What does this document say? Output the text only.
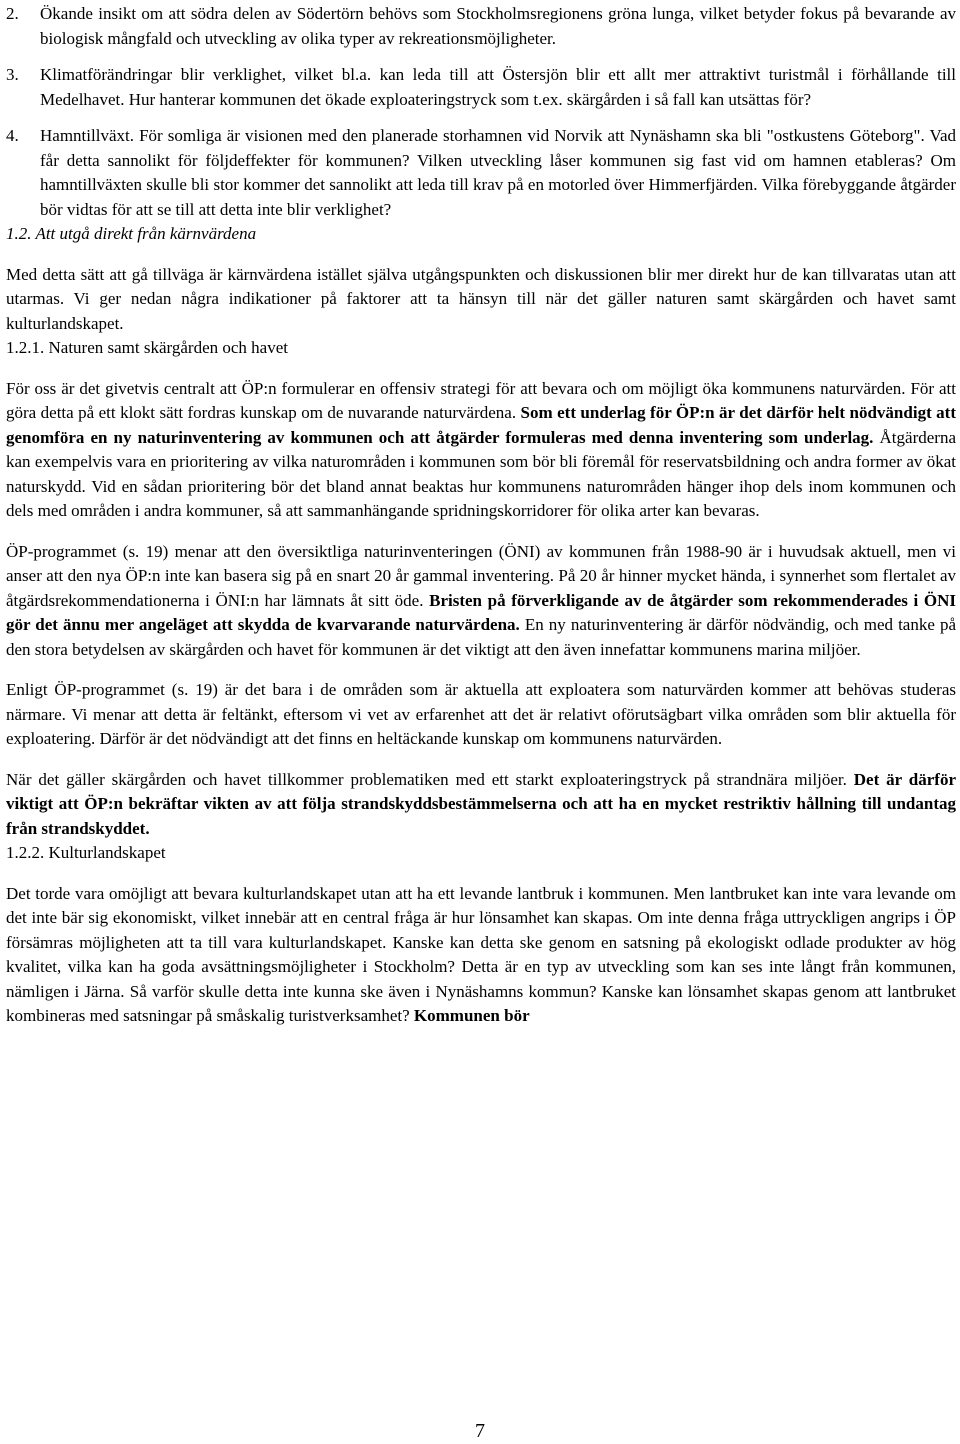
2. Ökande insikt om att södra delen av Södertörn behövs som Stockholmsregionens gröna lunga, vilket betyder fokus på bevarande av biologisk mångfald och utveckling av olika typer av rekreationsmöjligheter.
3. Klimatförändringar blir verklighet, vilket bl.a. kan leda till att Östersjön blir ett allt mer attraktivt turistmål i förhållande till Medelhavet. Hur hanterar kommunen det ökade exploateringstryck som t.ex. skärgården i så fall kan utsättas för?
4. Hamntillväxt. För somliga är visionen med den planerade storhamnen vid Norvik att Nynäshamn ska bli "ostkustens Göteborg". Vad får detta sannolikt för följdeffekter för kommunen? Vilken utveckling låser kommunen sig fast vid om hamnen etableras? Om hamntillväxten skulle bli stor kommer det sannolikt att leda till krav på en motorled över Himmerfjärden. Vilka förebyggande åtgärder bör vidtas för att se till att detta inte blir verklighet?

1.2. Att utgå direkt från kärnvärdena

Med detta sätt att gå tillväga är kärnvärdena istället själva utgångspunkten och diskussionen blir mer direkt hur de kan tillvaratas utan att utarmas. Vi ger nedan några indikationer på faktorer att ta hänsyn till när det gäller naturen samt skärgården och havet samt kulturlandskapet.

1.2.1. Naturen samt skärgården och havet

För oss är det givetvis centralt att ÖP:n formulerar en offensiv strategi för att bevara och om möjligt öka kommunens naturvärden. För att göra detta på ett klokt sätt fordras kunskap om de nuvarande naturvärdena. Som ett underlag för ÖP:n är det därför helt nödvändigt att genomföra en ny naturinventering av kommunen och att åtgärder formuleras med denna inventering som underlag. Åtgärderna kan exempelvis vara en prioritering av vilka naturområden i kommunen som bör bli föremål för reservatsbildning och andra former av ökat naturskydd. Vid en sådan prioritering bör det bland annat beaktas hur kommunens naturområden hänger ihop dels inom kommunen och dels med områden i andra kommuner, så att sammanhängande spridningskorridorer för olika arter kan bevaras.

ÖP-programmet (s. 19) menar att den översiktliga naturinventeringen (ÖNI) av kommunen från 1988-90 är i huvudsak aktuell, men vi anser att den nya ÖP:n inte kan basera sig på en snart 20 år gammal inventering. På 20 år hinner mycket hända, i synnerhet som flertalet av åtgärdsrekommendationerna i ÖNI:n har lämnats åt sitt öde. Bristen på förverkligande av de åtgärder som rekommenderades i ÖNI gör det ännu mer angeläget att skydda de kvarvarande naturvärdena. En ny naturinventering är därför nödvändig, och med tanke på den stora betydelsen av skärgården och havet för kommunen är det viktigt att den även innefattar kommunens marina miljöer.

Enligt ÖP-programmet (s. 19) är det bara i de områden som är aktuella att exploatera som naturvärden kommer att behövas studeras närmare. Vi menar att detta är feltänkt, eftersom vi vet av erfarenhet att det är relativt oförutsägbart vilka områden som blir aktuella för exploatering. Därför är det nödvändigt att det finns en heltäckande kunskap om kommunens naturvärden.

När det gäller skärgården och havet tillkommer problematiken med ett starkt exploateringstryck på strandnära miljöer. Det är därför viktigt att ÖP:n bekräftar vikten av att följa strandskyddsbestämmelserna och att ha en mycket restriktiv hållning till undantag från strandskyddet.

1.2.2. Kulturlandskapet

Det torde vara omöjligt att bevara kulturlandskapet utan att ha ett levande lantbruk i kommunen. Men lantbruket kan inte vara levande om det inte bär sig ekonomiskt, vilket innebär att en central fråga är hur lönsamhet kan skapas. Om inte denna fråga uttryckligen angrips i ÖP försämras möjligheten att ta till vara kulturlandskapet. Kanske kan detta ske genom en satsning på ekologiskt odlade produkter av hög kvalitet, vilka kan ha goda avsättningsmöjligheter i Stockholm? Detta är en typ av utveckling som kan ses inte långt från kommunen, nämligen i Järna. Så varför skulle detta inte kunna ske även i Nynäshamns kommun? Kanske kan lönsamhet skapas genom att lantbruket kombineras med satsningar på småskalig turistverksamhet? Kommunen bör

7
